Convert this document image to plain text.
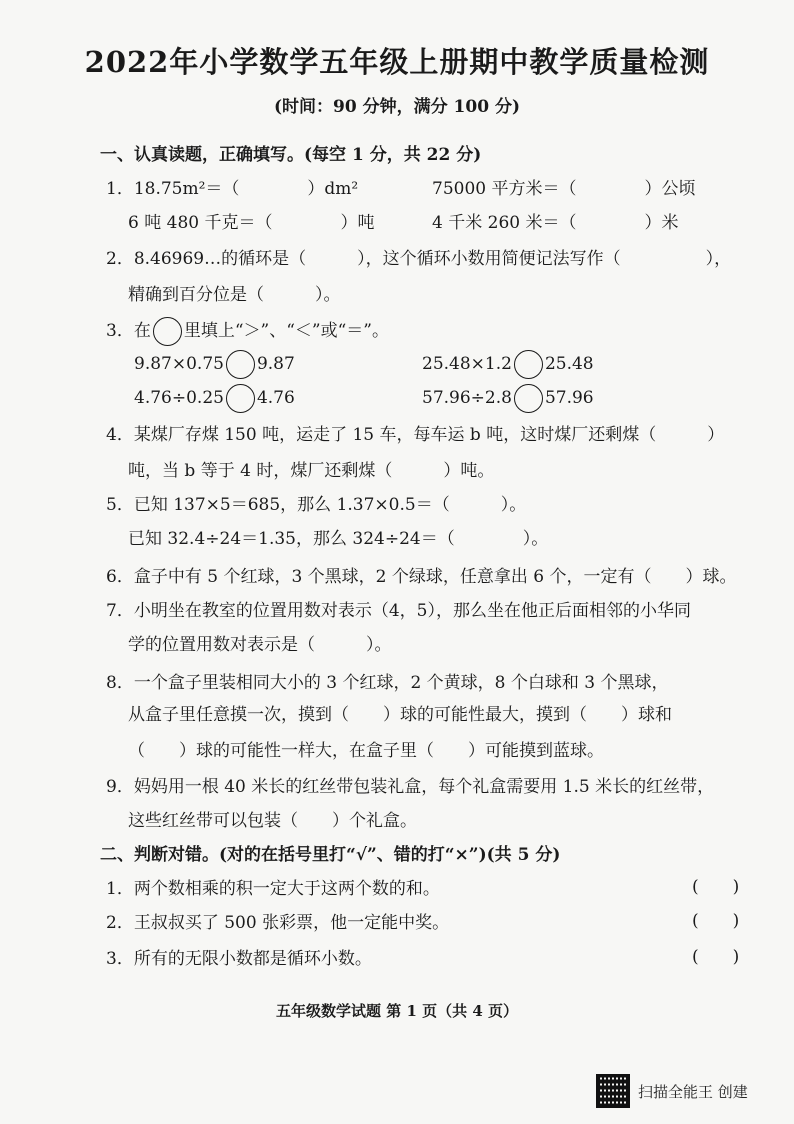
2022年小学数学五年级上册期中教学质量检测
(时间：90 分钟，满分 100 分)
一、认真读题，正确填写。(每空 1 分，共 22 分)
1．18.75m²＝（　　　　）dm²	75000 平方米＝（　　　　）公顷
6 吨 480 千克＝（　　　　）吨	4 千米 260 米＝（　　　　）米
2．8.46969…的循环是（　　　），这个循环小数用简便记法写作（　　　　　），
精确到百分位是（　　　）。
3．在 里填上“＞”、“＜”或“＝”。
9.87×0.75 9.87	25.48×1.2 25.48
4.76÷0.25 4.76	57.96÷2.8 57.96
4．某煤厂存煤 150 吨，运走了 15 车，每车运 b 吨，这时煤厂还剩煤（　　　）
吨，当 b 等于 4 时，煤厂还剩煤（　　　）吨。
5．已知 137×5＝685，那么 1.37×0.5＝（　　　）。
已知 32.4÷24＝1.35，那么 324÷24＝（　　　　）。
6．盒子中有 5 个红球，3 个黑球，2 个绿球，任意拿出 6 个，一定有（　　）球。
7．小明坐在教室的位置用数对表示（4，5），那么坐在他正后面相邻的小华同
学的位置用数对表示是（　　　）。
8．一个盒子里装相同大小的 3 个红球，2 个黄球，8 个白球和 3 个黑球，
从盒子里任意摸一次，摸到（　　）球的可能性最大，摸到（　　）球和
（　　）球的可能性一样大，在盒子里（　　）可能摸到蓝球。
9．妈妈用一根 40 米长的红丝带包装礼盒，每个礼盒需要用 1.5 米长的红丝带，
这些红丝带可以包装（　　）个礼盒。
二、判断对错。(对的在括号里打“√”、错的打“×”)(共 5 分)
1．两个数相乘的积一定大于这两个数的和。	(　　)
2．王叔叔买了 500 张彩票，他一定能中奖。	(　　)
3．所有的无限小数都是循环小数。	(　　)
五年级数学试题 第 1 页（共 4 页）
扫描全能王 创建
